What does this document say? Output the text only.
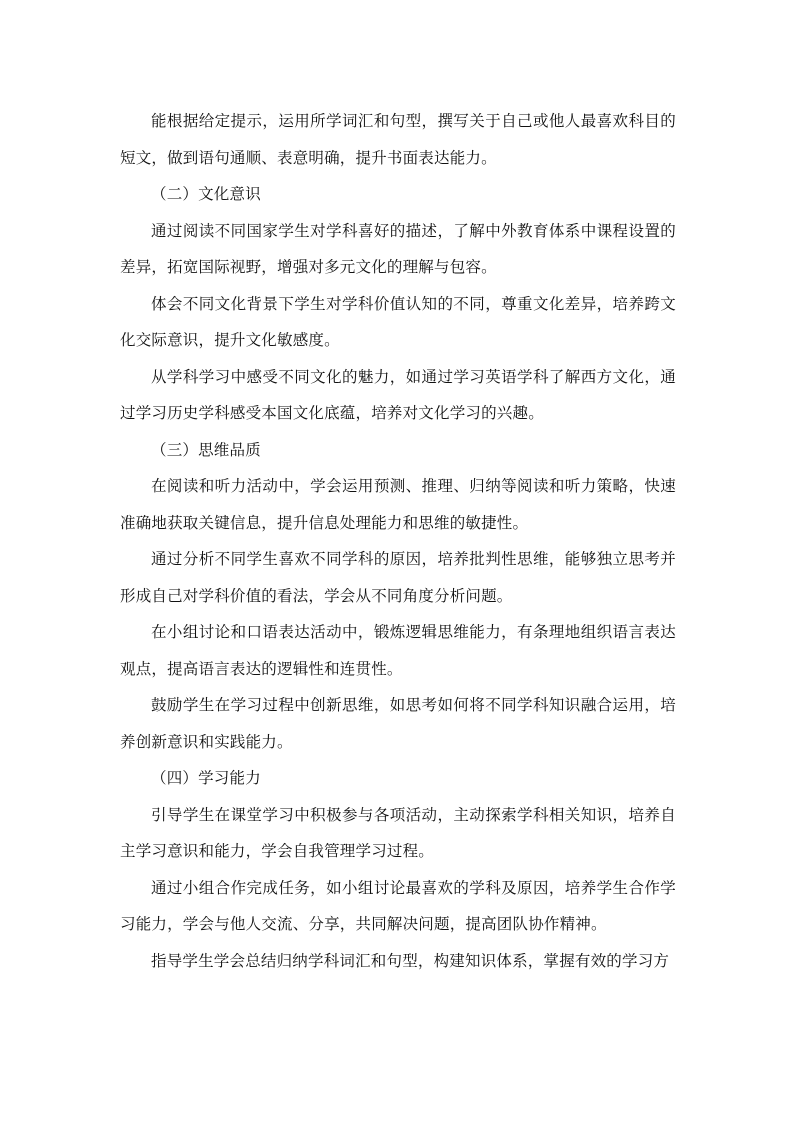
能根据给定提示，运用所学词汇和句型，撰写关于自己或他人最喜欢科目的短文，做到语句通顺、表意明确，提升书面表达能力。

（二）文化意识

通过阅读不同国家学生对学科喜好的描述，了解中外教育体系中课程设置的差异，拓宽国际视野，增强对多元文化的理解与包容。

体会不同文化背景下学生对学科价值认知的不同，尊重文化差异，培养跨文化交际意识，提升文化敏感度。

从学科学习中感受不同文化的魅力，如通过学习英语学科了解西方文化，通过学习历史学科感受本国文化底蕴，培养对文化学习的兴趣。

（三）思维品质

在阅读和听力活动中，学会运用预测、推理、归纳等阅读和听力策略，快速准确地获取关键信息，提升信息处理能力和思维的敏捷性。

通过分析不同学生喜欢不同学科的原因，培养批判性思维，能够独立思考并形成自己对学科价值的看法，学会从不同角度分析问题。

在小组讨论和口语表达活动中，锻炼逻辑思维能力，有条理地组织语言表达观点，提高语言表达的逻辑性和连贯性。

鼓励学生在学习过程中创新思维，如思考如何将不同学科知识融合运用，培养创新意识和实践能力。

（四）学习能力

引导学生在课堂学习中积极参与各项活动，主动探索学科相关知识，培养自主学习意识和能力，学会自我管理学习过程。

通过小组合作完成任务，如小组讨论最喜欢的学科及原因，培养学生合作学习能力，学会与他人交流、分享，共同解决问题，提高团队协作精神。

指导学生学会总结归纳学科词汇和句型，构建知识体系，掌握有效的学习方
